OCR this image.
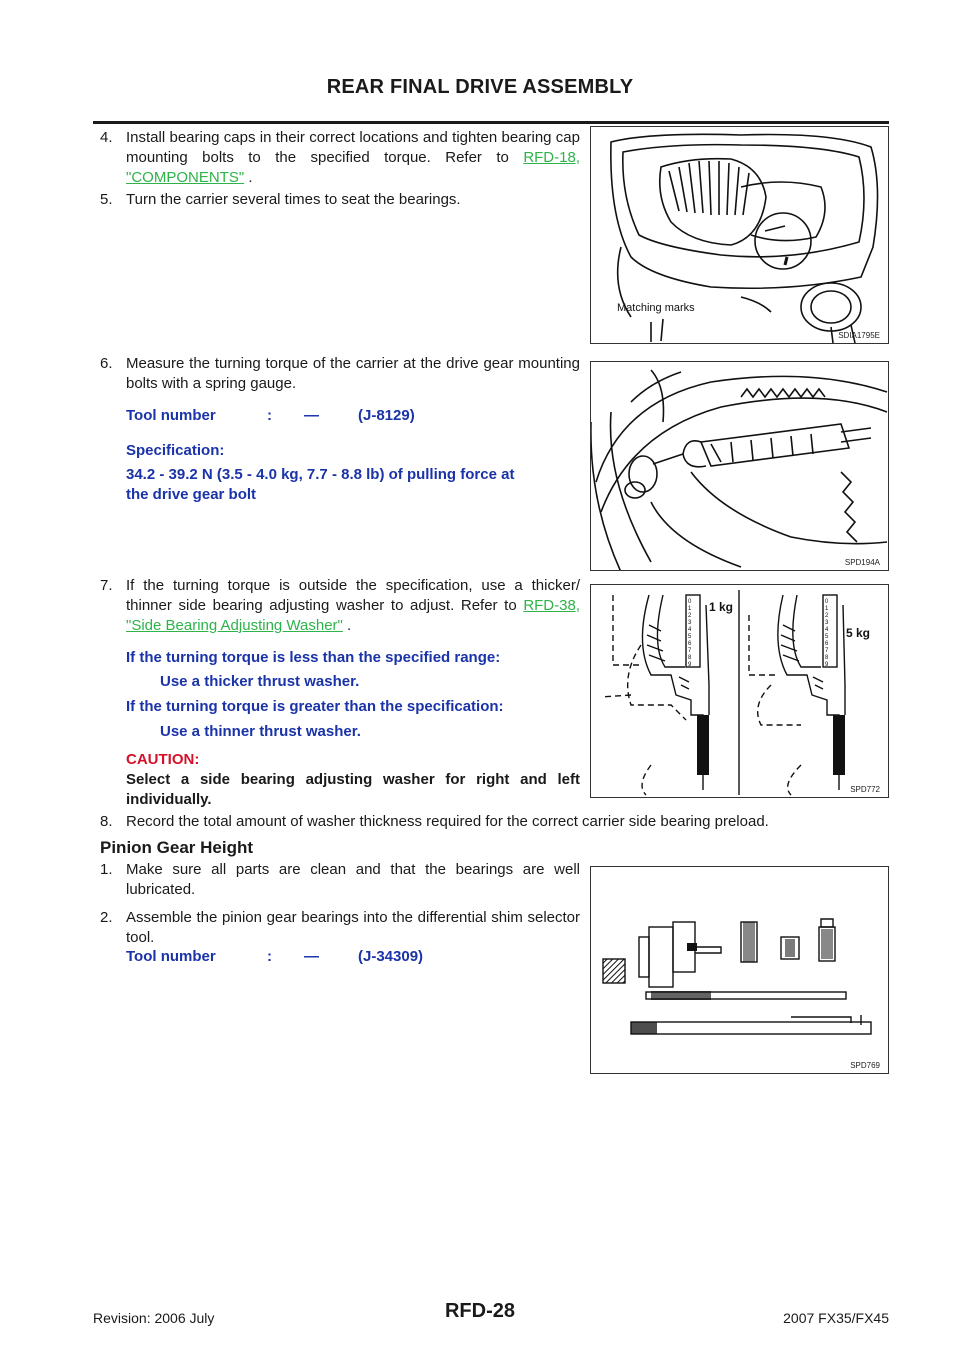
REAR FINAL DRIVE ASSEMBLY
4. Install bearing caps in their correct locations and tighten bearing cap mounting bolts to the specified torque. Refer to RFD-18, "COMPONENTS" .
5. Turn the carrier several times to seat the bearings.
Matching marks
SDIA1795E
6. Measure the turning torque of the carrier at the drive gear mounting bolts with a spring gauge.
Tool number	: —	(J-8129)
Specification:
34.2 - 39.2 N (3.5 - 4.0 kg, 7.7 - 8.8 lb) of pulling force at
the drive gear bolt
SPD194A
7. If the turning torque is outside the specification, use a thicker/ thinner side bearing adjusting washer to adjust. Refer to RFD-38, "Side Bearing Adjusting Washer" .
If the turning torque is less than the specified range:
Use a thicker thrust washer.
If the turning torque is greater than the specification:
Use a thinner thrust washer.
CAUTION:
Select a side bearing adjusting washer for right and left individually.
0
1
2
3
4
5
6
7
8
9
0
1
2
3
4
5
6
7
8
9
1 kg
5 kg
SPD772
8. Record the total amount of washer thickness required for the correct carrier side bearing preload.
Pinion Gear Height
1. Make sure all parts are clean and that the bearings are well lubricated.
2. Assemble the pinion gear bearings into the differential shim selector tool.
Tool number	: —	(J-34309)
SPD769
Revision: 2006 July	RFD-28	2007 FX35/FX45
